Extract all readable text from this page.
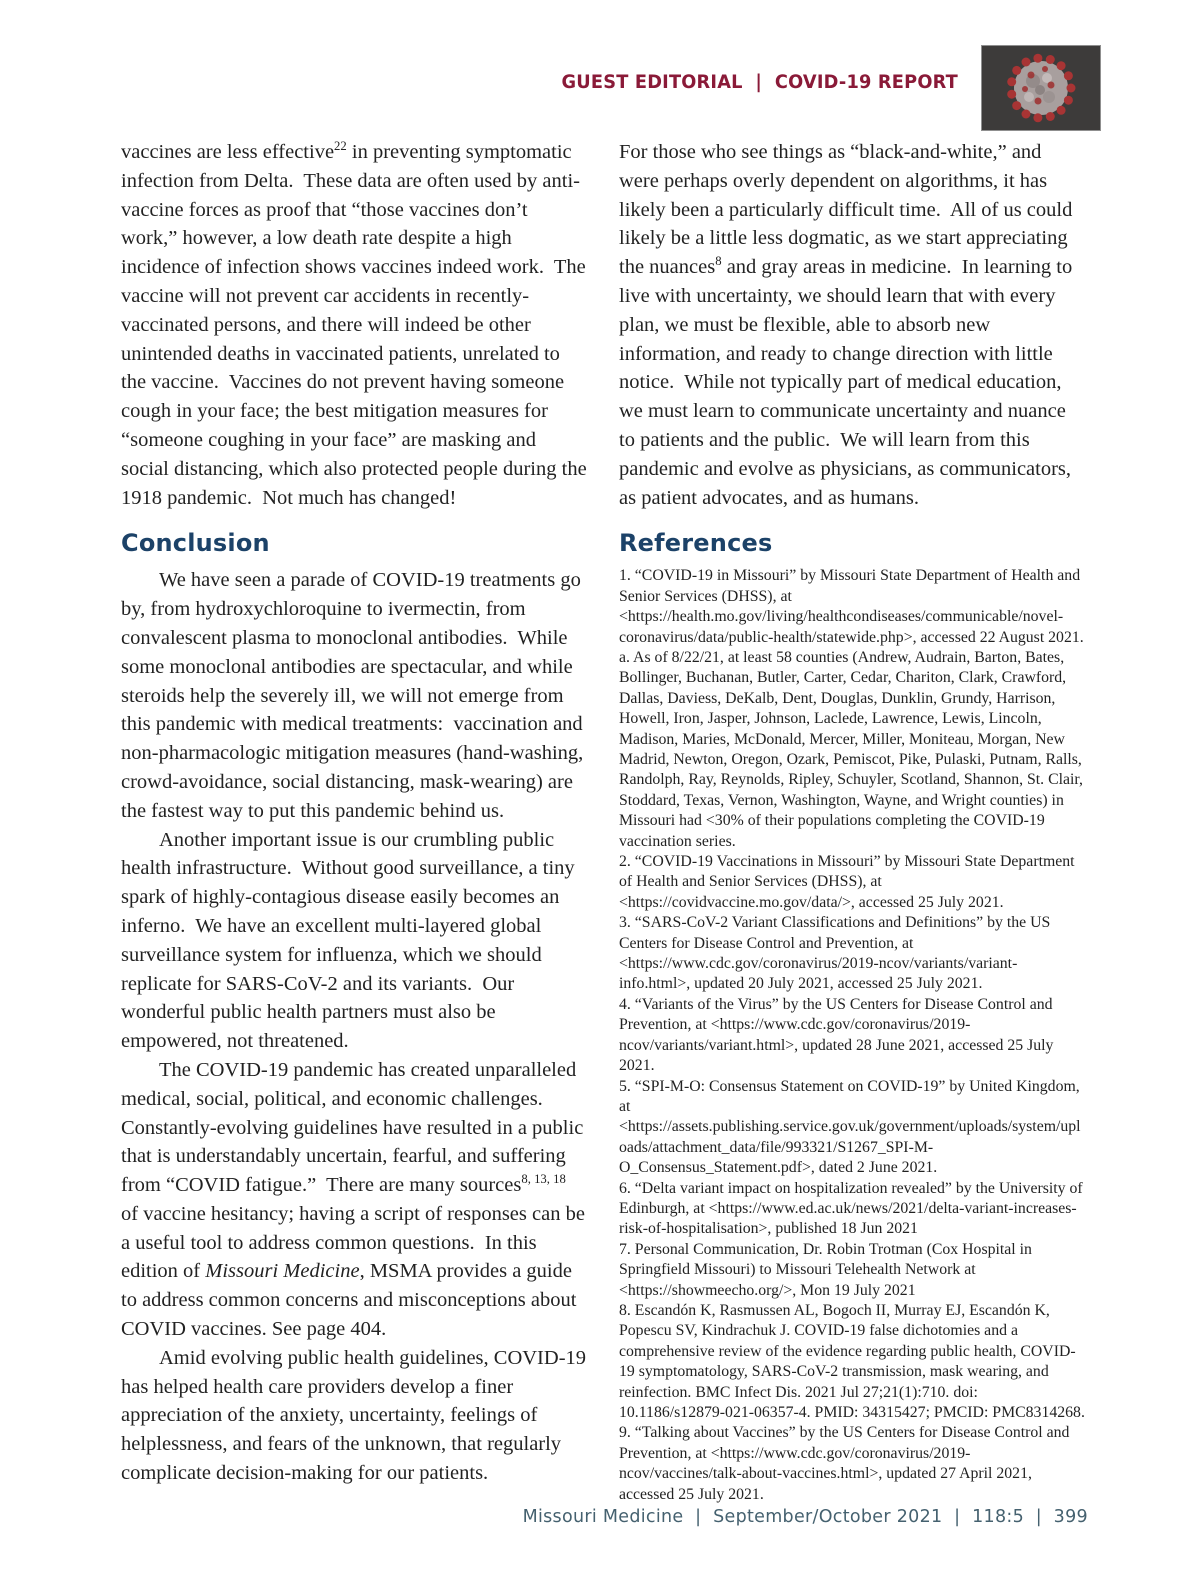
GUEST EDITORIAL  |  COVID-19 REPORT

vaccines are less effective$^{22}$ in preventing symptomatic infection from Delta.  These data are often used by anti-vaccine forces as proof that “those vaccines don’t work,” however, a low death rate despite a high incidence of infection shows vaccines indeed work.  The vaccine will not prevent car accidents in recently-vaccinated persons, and there will indeed be other unintended deaths in vaccinated patients, unrelated to the vaccine.  Vaccines do not prevent having someone cough in your face; the best mitigation measures for “someone coughing in your face” are masking and social distancing, which also protected people during the 1918 pandemic.  Not much has changed!

Conclusion

We have seen a parade of COVID-19 treatments go by, from hydroxychloroquine to ivermectin, from convalescent plasma to monoclonal antibodies.  While some monoclonal antibodies are spectacular, and while steroids help the severely ill, we will not emerge from this pandemic with medical treatments:  vaccination and non-pharmacologic mitigation measures (hand-washing, crowd-avoidance, social distancing, mask-wearing) are the fastest way to put this pandemic behind us.

Another important issue is our crumbling public health infrastructure.  Without good surveillance, a tiny spark of highly-contagious disease easily becomes an inferno.  We have an excellent multi-layered global surveillance system for influenza, which we should replicate for SARS-CoV-2 and its variants.  Our wonderful public health partners must also be empowered, not threatened.

The COVID-19 pandemic has created unparalleled medical, social, political, and economic challenges.  Constantly-evolving guidelines have resulted in a public that is understandably uncertain, fearful, and suffering from “COVID fatigue.”  There are many sources$^{8, 13, 18}$ of vaccine hesitancy; having a script of responses can be a useful tool to address common questions.  In this edition of Missouri Medicine, MSMA provides a guide to address common concerns and misconceptions about COVID vaccines. See page 404.

Amid evolving public health guidelines, COVID-19 has helped health care providers develop a finer appreciation of the anxiety, uncertainty, feelings of helplessness, and fears of the unknown, that regularly complicate decision-making for our patients.

For those who see things as “black-and-white,” and were perhaps overly dependent on algorithms, it has likely been a particularly difficult time.  All of us could likely be a little less dogmatic, as we start appreciating the nuances$^8$ and gray areas in medicine.  In learning to live with uncertainty, we should learn that with every plan, we must be flexible, able to absorb new information, and ready to change direction with little notice.  While not typically part of medical education, we must learn to communicate uncertainty and nuance to patients and the public.  We will learn from this pandemic and evolve as physicians, as communicators, as patient advocates, and as humans.

References

1. “COVID-19 in Missouri” by Missouri State Department of Health and Senior Services (DHSS), at <https://health.mo.gov/living/healthcondiseases/communicable/novel-coronavirus/data/public-health/statewide.php>, accessed 22 August 2021.

a. As of 8/22/21, at least 58 counties (Andrew, Audrain, Barton, Bates, Bollinger, Buchanan, Butler, Carter, Cedar, Chariton, Clark, Crawford, Dallas, Daviess, DeKalb, Dent, Douglas, Dunklin, Grundy, Harrison, Howell, Iron, Jasper, Johnson, Laclede, Lawrence, Lewis, Lincoln, Madison, Maries, McDonald, Mercer, Miller, Moniteau, Morgan, New Madrid, Newton, Oregon, Ozark, Pemiscot, Pike, Pulaski, Putnam, Ralls, Randolph, Ray, Reynolds, Ripley, Schuyler, Scotland, Shannon, St. Clair, Stoddard, Texas, Vernon, Washington, Wayne, and Wright counties) in Missouri had <30% of their populations completing the COVID-19 vaccination series.

2. “COVID-19 Vaccinations in Missouri” by Missouri State Department of Health and Senior Services (DHSS), at <https://covidvaccine.mo.gov/data/>, accessed 25 July 2021.

3. “SARS-CoV-2 Variant Classifications and Definitions” by the US Centers for Disease Control and Prevention, at <https://www.cdc.gov/coronavirus/2019-ncov/variants/variant-info.html>, updated 20 July 2021, accessed 25 July 2021.

4. “Variants of the Virus” by the US Centers for Disease Control and Prevention, at <https://www.cdc.gov/coronavirus/2019-ncov/variants/variant.html>, updated 28 June 2021, accessed 25 July 2021.

5. “SPI-M-O: Consensus Statement on COVID-19” by United Kingdom, at <https://assets.publishing.service.gov.uk/government/uploads/system/uploads/attachment_data/file/993321/S1267_SPI-M-O_Consensus_Statement.pdf>, dated 2 June 2021.

6. “Delta variant impact on hospitalization revealed” by the University of Edinburgh, at <https://www.ed.ac.uk/news/2021/delta-variant-increases-risk-of-hospitalisation>, published 18 Jun 2021

7. Personal Communication, Dr. Robin Trotman (Cox Hospital in Springfield Missouri) to Missouri Telehealth Network at <https://showmeecho.org/>, Mon 19 July 2021

8. Escandón K, Rasmussen AL, Bogoch II, Murray EJ, Escandón K, Popescu SV, Kindrachuk J. COVID-19 false dichotomies and a comprehensive review of the evidence regarding public health, COVID-19 symptomatology, SARS-CoV-2 transmission, mask wearing, and reinfection. BMC Infect Dis. 2021 Jul 27;21(1):710. doi: 10.1186/s12879-021-06357-4. PMID: 34315427; PMCID: PMC8314268.

9. “Talking about Vaccines” by the US Centers for Disease Control and Prevention, at <https://www.cdc.gov/coronavirus/2019-ncov/vaccines/talk-about-vaccines.html>, updated 27 April 2021, accessed 25 July 2021.

Missouri Medicine  |  September/October 2021  |  118:5  |  399
